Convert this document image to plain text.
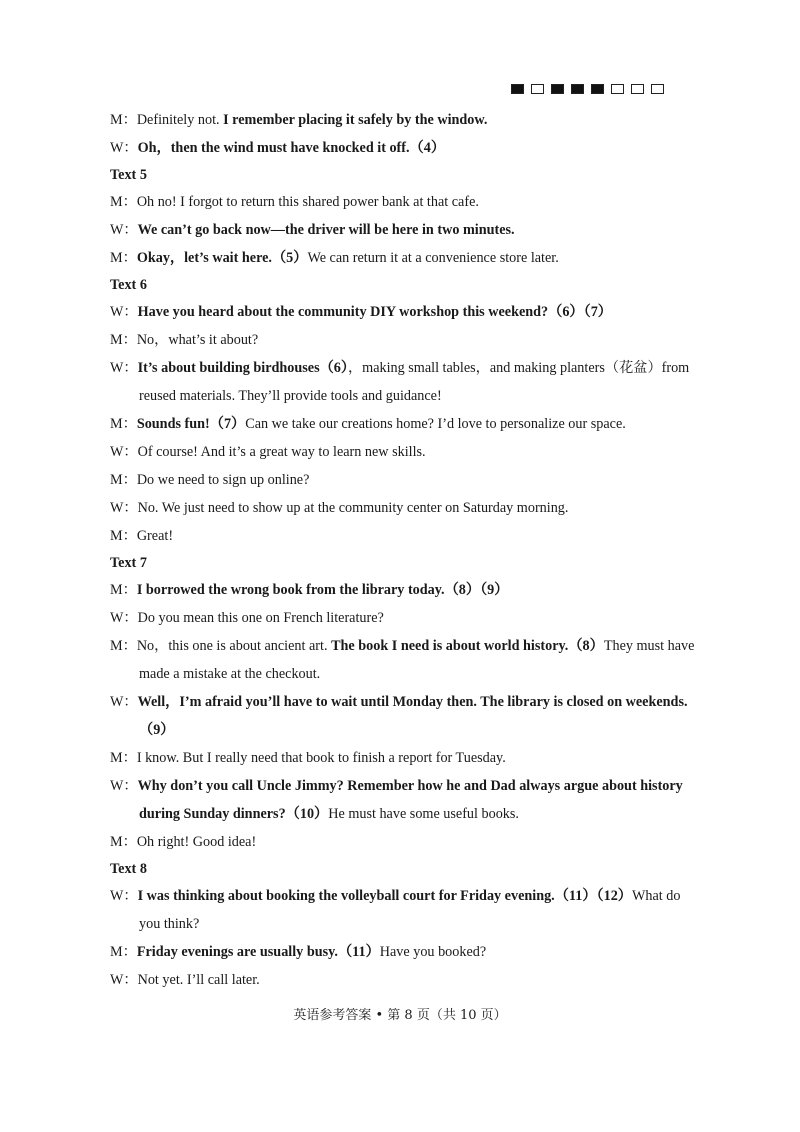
M：Definitely not. I remember placing it safely by the window.
W：Oh，then the wind must have knocked it off.（4）
Text 5
M：Oh no! I forgot to return this shared power bank at that cafe.
W：We can’t go back now—the driver will be here in two minutes.
M：Okay，let’s wait here.（5）We can return it at a convenience store later.
Text 6
W：Have you heard about the community DIY workshop this weekend?（6）（7）
M：No，what’s it about?
W：It’s about building birdhouses（6），making small tables，and making planters（花盆）from
reused materials. They’ll provide tools and guidance!
M：Sounds fun!（7）Can we take our creations home? I’d love to personalize our space.
W：Of course! And it’s a great way to learn new skills.
M：Do we need to sign up online?
W：No. We just need to show up at the community center on Saturday morning.
M：Great!
Text 7
M：I borrowed the wrong book from the library today.（8）（9）
W：Do you mean this one on French literature?
M：No，this one is about ancient art. The book I need is about world history.（8）They must have
made a mistake at the checkout.
W：Well，I’m afraid you’ll have to wait until Monday then. The library is closed on weekends.
（9）
M：I know. But I really need that book to finish a report for Tuesday.
W：Why don’t you call Uncle Jimmy? Remember how he and Dad always argue about history
during Sunday dinners?（10）He must have some useful books.
M：Oh right! Good idea!
Text 8
W：I was thinking about booking the volleyball court for Friday evening.（11）（12）What do
you think?
M：Friday evenings are usually busy.（11）Have you booked?
W：Not yet. I’ll call later.
英语参考答案 • 第 8 页（共 10 页）
